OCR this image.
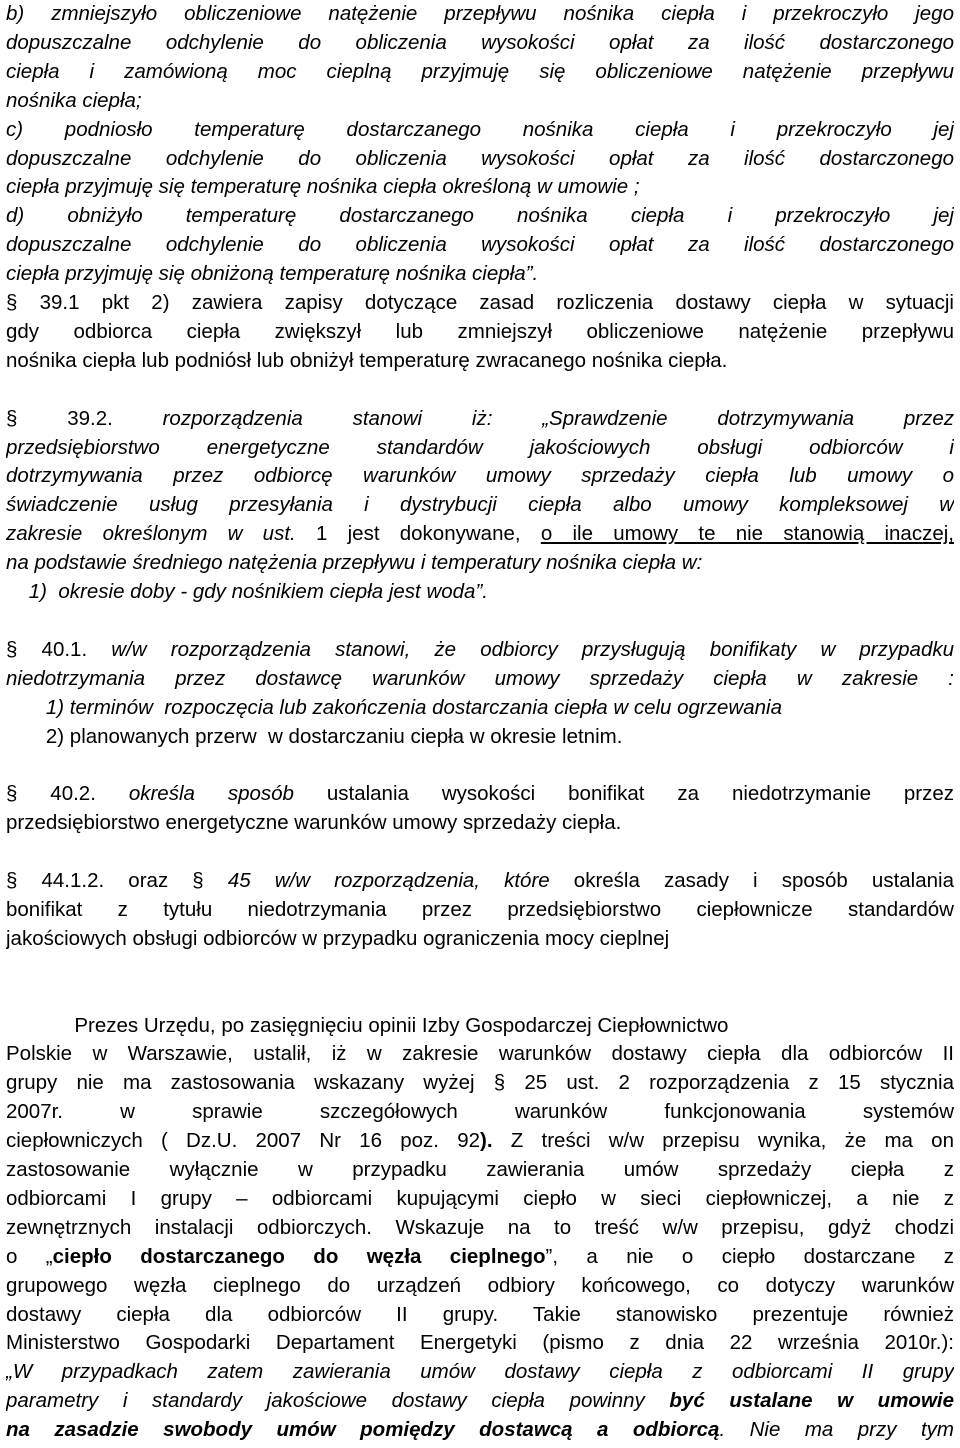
b) zmniejszyło obliczeniowe natężenie przepływu nośnika ciepła i przekroczyło jego
dopuszczalne odchylenie do obliczenia wysokości opłat za ilość dostarczonego
ciepła i zamówioną moc cieplną przyjmuję się obliczeniowe natężenie przepływu
nośnika ciepła;
c) podniosło temperaturę dostarczanego nośnika ciepła i przekroczyło jej
dopuszczalne odchylenie do obliczenia wysokości opłat za ilość dostarczonego
ciepła przyjmuję się temperaturę nośnika ciepła określoną w umowie ;
d) obniżyło temperaturę dostarczanego nośnika ciepła i przekroczyło jej
dopuszczalne odchylenie do obliczenia wysokości opłat za ilość dostarczonego
ciepła przyjmuję się obniżoną temperaturę nośnika ciepła”.
§ 39.1 pkt 2) zawiera zapisy dotyczące zasad rozliczenia dostawy ciepła w sytuacji
gdy odbiorca ciepła zwiększył lub zmniejszył obliczeniowe natężenie przepływu
nośnika ciepła lub podniósł lub obniżył temperaturę zwracanego nośnika ciepła.
§ 39.2. rozporządzenia stanowi iż: „Sprawdzenie dotrzymywania przez
przedsiębiorstwo energetyczne standardów jakościowych obsługi odbiorców i
dotrzymywania przez odbiorcę warunków umowy sprzedaży ciepła lub umowy o
świadczenie usług przesyłania i dystrybucji ciepła albo umowy kompleksowej w
zakresie określonym w ust. 1 jest dokonywane, o ile umowy te nie stanowią inaczej,
na podstawie średniego natężenia przepływu i temperatury nośnika ciepła w:
1)  okresie doby - gdy nośnikiem ciepła jest woda”.
§ 40.1. w/w rozporządzenia stanowi, że odbiorcy przysługują bonifikaty w przypadku
niedotrzymania przez dostawcę warunków umowy sprzedaży ciepła w zakresie :
1) terminów  rozpoczęcia lub zakończenia dostarczania ciepła w celu ogrzewania
2) planowanych przerw  w dostarczaniu ciepła w okresie letnim.
§ 40.2. określa sposób ustalania wysokości bonifikat za niedotrzymanie przez
przedsiębiorstwo energetyczne warunków umowy sprzedaży ciepła.
§ 44.1.2. oraz § 45 w/w rozporządzenia, które określa zasady i sposób ustalania
bonifikat z tytułu niedotrzymania przez przedsiębiorstwo ciepłownicze standardów
jakościowych obsługi odbiorców w przypadku ograniczenia mocy cieplnej
Prezes Urzędu, po zasięgnięciu opinii Izby Gospodarczej Ciepłownictwo
Polskie w Warszawie, ustalił, iż w zakresie warunków dostawy ciepła dla odbiorców II
grupy nie ma zastosowania wskazany wyżej § 25 ust. 2 rozporządzenia z 15 stycznia
2007r. w sprawie szczegółowych warunków funkcjonowania systemów
ciepłowniczych ( Dz.U. 2007 Nr 16 poz. 92). Z treści w/w przepisu wynika, że ma on
zastosowanie wyłącznie w przypadku zawierania umów sprzedaży ciepła z
odbiorcami I grupy – odbiorcami kupującymi ciepło w sieci ciepłowniczej, a nie z
zewnętrznych instalacji odbiorczych. Wskazuje na to treść w/w przepisu, gdyż chodzi
o „ciepło dostarczanego do węzła cieplnego”, a nie o ciepło dostarczane z
grupowego węzła cieplnego do urządzeń odbiory końcowego, co dotyczy warunków
dostawy ciepła dla odbiorców II grupy. Takie stanowisko prezentuje również
Ministerstwo Gospodarki Departament Energetyki (pismo z dnia 22 września 2010r.):
„W przypadkach zatem zawierania umów dostawy ciepła z odbiorcami II grupy
parametry i standardy jakościowe dostawy ciepła powinny być ustalane w umowie
na zasadzie swobody umów pomiędzy dostawcą a odbiorcą. Nie ma przy tym
